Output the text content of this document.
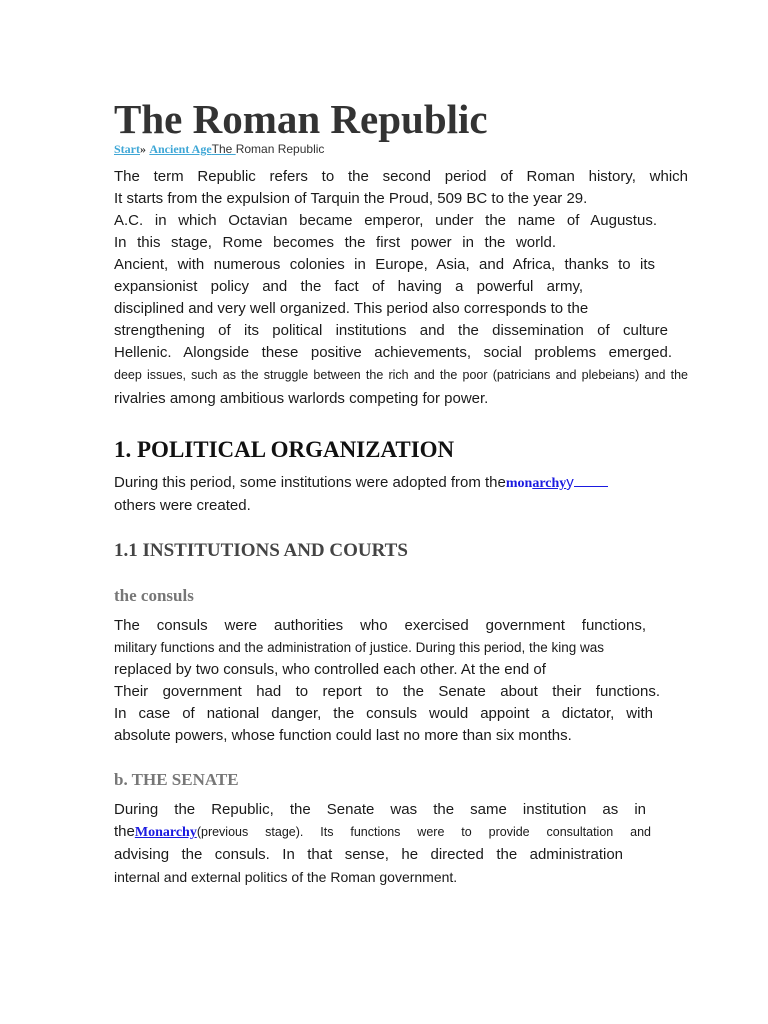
The Roman Republic
Start» Ancient AgeThe Roman Republic
The term Republic refers to the second period of Roman history, which
It starts from the expulsion of Tarquin the Proud, 509 BC to the year 29.
A.C. in which Octavian became emperor, under the name of Augustus.
In this stage, Rome becomes the first power in the world.
Ancient, with numerous colonies in Europe, Asia, and Africa, thanks to its
expansionist policy and the fact of having a powerful army,
disciplined and very well organized. This period also corresponds to the
strengthening of its political institutions and the dissemination of culture
Hellenic. Alongside these positive achievements, social problems emerged.
deep issues, such as the struggle between the rich and the poor (patricians and plebeians) and the
rivalries among ambitious warlords competing for power.
1. POLITICAL ORGANIZATION
During this period, some institutions were adopted from themonarchyy
others were created.
1.1 INSTITUTIONS AND COURTS
the consuls
The consuls were authorities who exercised government functions,
military functions and the administration of justice. During this period, the king was
replaced by two consuls, who controlled each other. At the end of
Their government had to report to the Senate about their functions.
In case of national danger, the consuls would appoint a dictator, with
absolute powers, whose function could last no more than six months.
b. THE SENATE
During the Republic, the Senate was the same institution as in
theMonarchy (previous stage). Its functions were to provide consultation and
advising the consuls. In that sense, he directed the administration
internal and external politics of the Roman government.
